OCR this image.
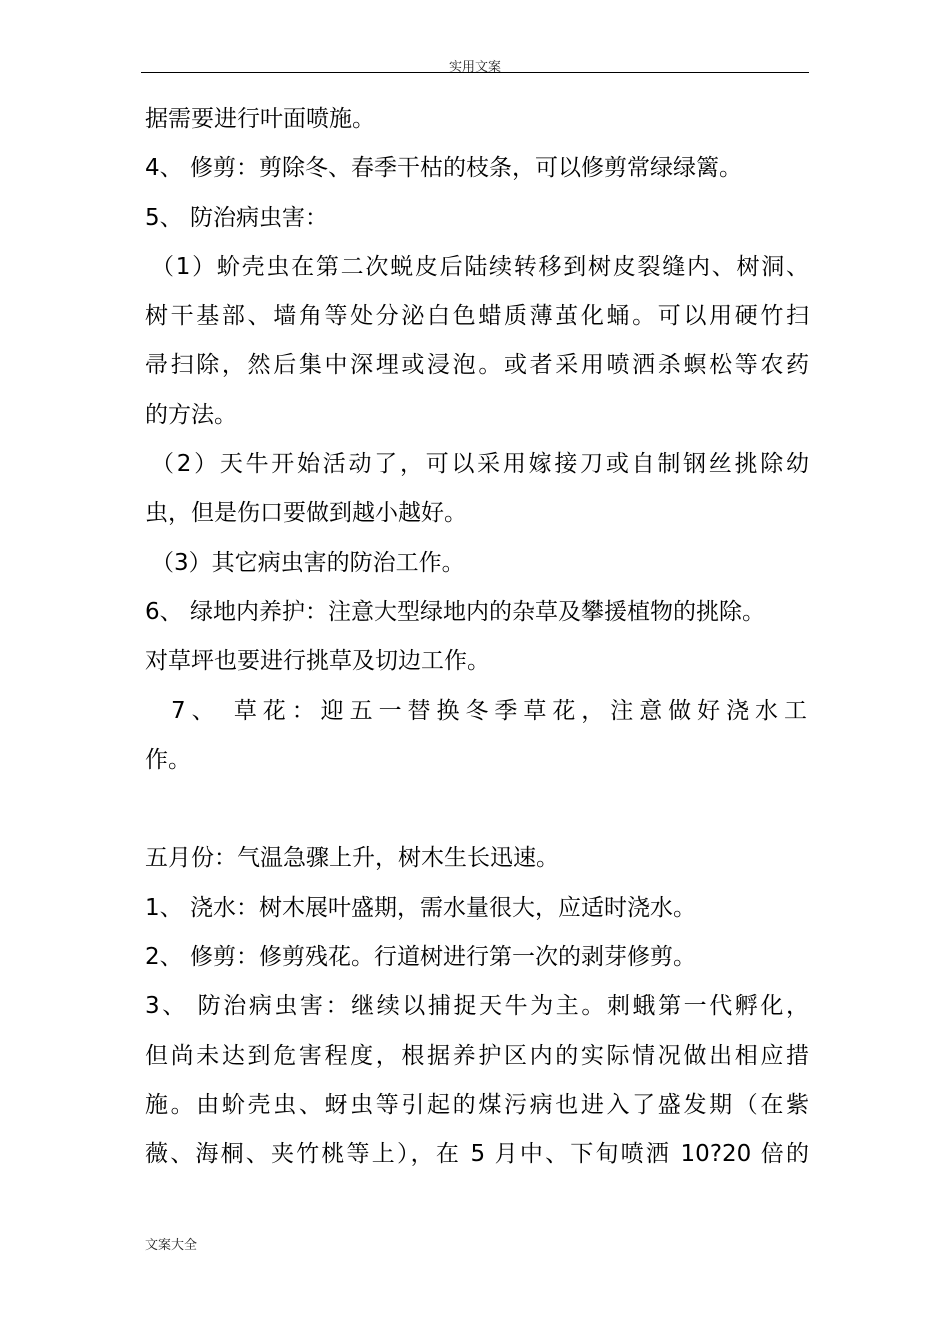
实用文案
据需要进行叶面喷施。
4、 修剪：剪除冬、春季干枯的枝条，可以修剪常绿绿篱。
5、 防治病虫害：
（1）蚧壳虫在第二次蜕皮后陆续转移到树皮裂缝内、树洞、
树干基部、墙角等处分泌白色蜡质薄茧化蛹。可以用硬竹扫
帚扫除，然后集中深埋或浸泡。或者采用喷洒杀螟松等农药
的方法。
（2）天牛开始活动了，可以采用嫁接刀或自制钢丝挑除幼
虫，但是伤口要做到越小越好。
（3）其它病虫害的防治工作。
6、 绿地内养护：注意大型绿地内的杂草及攀援植物的挑除。
对草坪也要进行挑草及切边工作。
7、 草花：迎五一替换冬季草花，注意做好浇水工
作。
五月份：气温急骤上升，树木生长迅速。
1、 浇水：树木展叶盛期，需水量很大，应适时浇水。
2、 修剪：修剪残花。行道树进行第一次的剥芽修剪。
3、 防治病虫害：继续以捕捉天牛为主。刺蛾第一代孵化，
但尚未达到危害程度，根据养护区内的实际情况做出相应措
施。由蚧壳虫、蚜虫等引起的煤污病也进入了盛发期（在紫
薇、海桐、夹竹桃等上），在 5 月中、下旬喷洒 10?20 倍的
文案大全
